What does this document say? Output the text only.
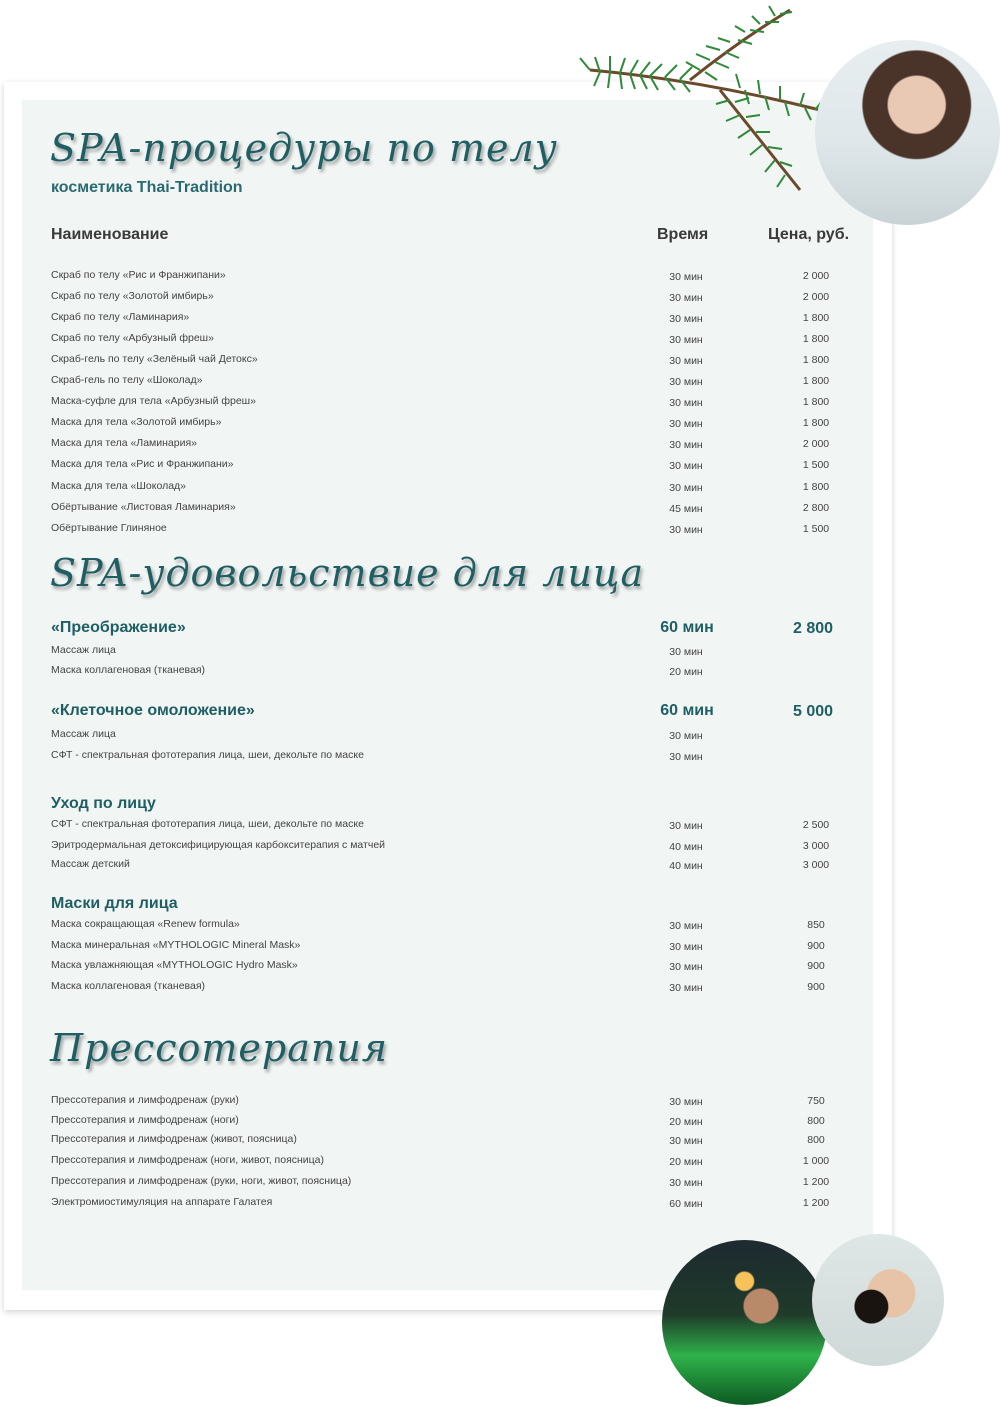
SPA-процедуры по телу
косметика Thai-Tradition
Наименование	Время	Цена, руб.
Скраб по телу «Рис и Франжипани»	30 мин	2 000
Скраб по телу «Золотой имбирь»	30 мин	2 000
Скраб по телу «Ламинария»	30 мин	1 800
Скраб по телу «Арбузный фреш»	30 мин	1 800
Скраб-гель по телу «Зелёный чай Детокс»	30 мин	1 800
Скраб-гель по телу «Шоколад»	30 мин	1 800
Маска-суфле для тела «Арбузный фреш»	30 мин	1 800
Маска для тела «Золотой имбирь»	30 мин	1 800
Маска для тела «Ламинария»	30 мин	2 000
Маска для тела «Рис и Франжипани»	30 мин	1 500
Маска для тела «Шоколад»	30 мин	1 800
Обёртывание «Листовая Ламинария»	45 мин	2 800
Обёртывание Глиняное	30 мин	1 500
SPA-удовольствие для лица
«Преображение»	60 мин	2 800
Массаж лица	30 мин
Маска коллагеновая (тканевая)	20 мин
«Клеточное омоложение»	60 мин	5 000
Массаж лица	30 мин
СФТ - спектральная фототерапия лица, шеи, декольте по маске	30 мин
Уход по лицу
СФТ - спектральная фототерапия лица, шеи, декольте по маске	30 мин	2 500
Эритродермальная детоксифицирующая карбокситерапия с матчей	40 мин	3 000
Массаж детский	40 мин	3 000
Маски для лица
Маска сокращающая «Renew formula»	30 мин	850
Маска минеральная «MYTHOLOGIC Mineral Mask»	30 мин	900
Маска увлажняющая «MYTHOLOGIC Hydro Mask»	30 мин	900
Маска коллагеновая (тканевая)	30 мин	900
Прессотерапия
Прессотерапия и лимфодренаж (руки)	30 мин	750
Прессотерапия и лимфодренаж (ноги)	20 мин	800
Прессотерапия и лимфодренаж (живот, поясница)	30 мин	800
Прессотерапия и лимфодренаж (ноги, живот, поясница)	20 мин	1 000
Прессотерапия и лимфодренаж (руки, ноги, живот, поясница)	30 мин	1 200
Электромиостимуляция на аппарате Галатея	60 мин	1 200
